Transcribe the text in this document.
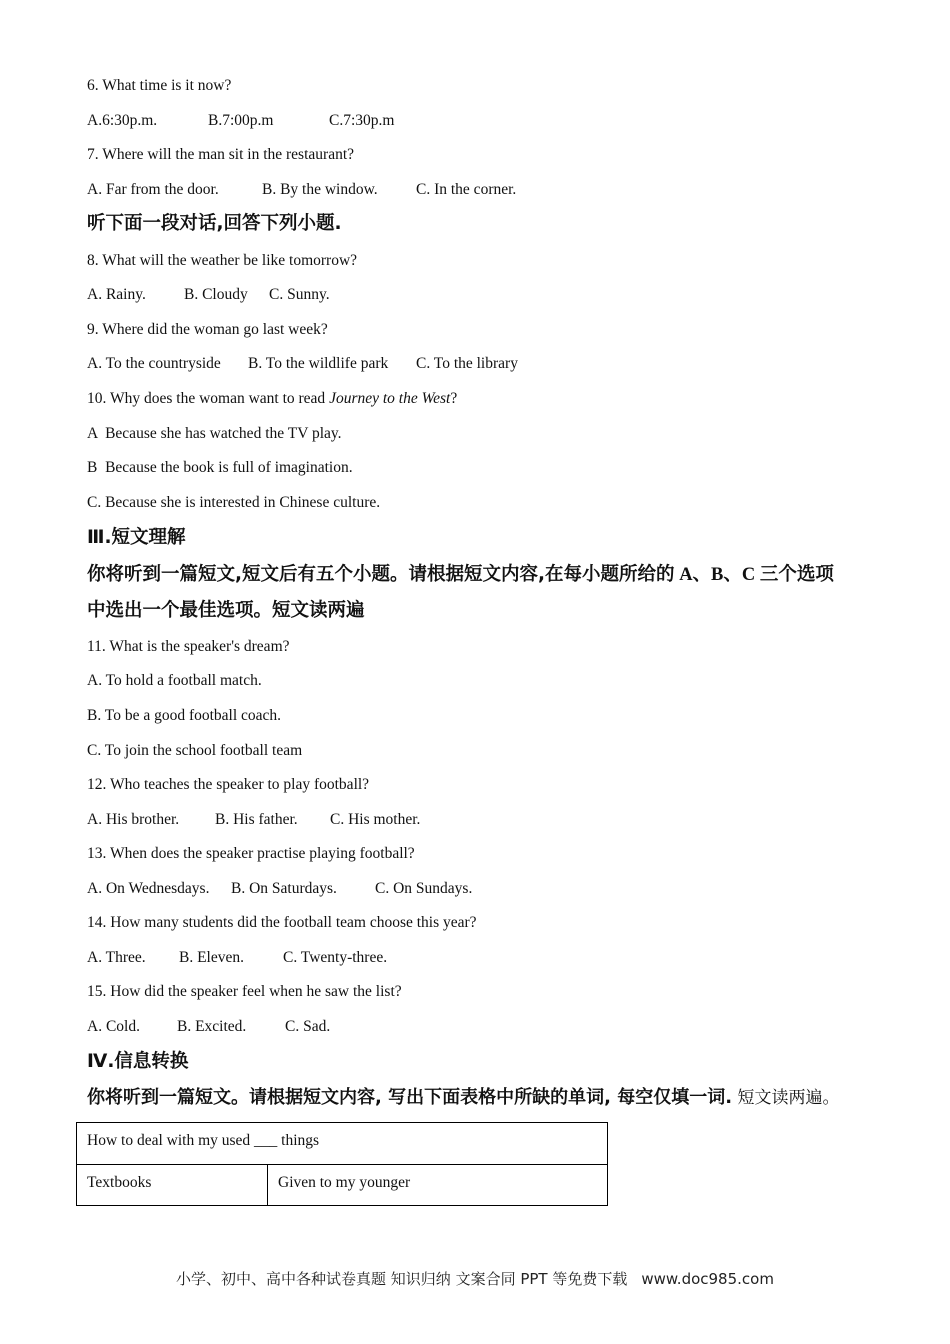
6. What time is it now?

A.6:30p.m.	B.7:00p.m	C.7:30p.m

7. Where will the man sit in the restaurant?

A. Far from the door.	B. By the window. C. In the corner.

听下面一段对话,回答下列小题.

8. What will the weather be like tomorrow?

A. Rainy. B. Cloudy C. Sunny.

9. Where did the woman go last week?

A. To the countryside B. To the wildlife park C. To the library

10. Why does the woman want to read Journey to the West?

A  Because she has watched the TV play.

B  Because the book is full of imagination.

C. Because she is interested in Chinese culture.

Ⅲ.短文理解

你将听到一篇短文,短文后有五个小题。请根据短文内容,在每小题所给的 A、B、C 三个选项

中选出一个最佳选项。短文读两遍

11. What is the speaker's dream?

A. To hold a football match.

B. To be a good football coach.

C. To join the school football team

12. Who teaches the speaker to play football?

A. His brother. B. His father. C. His mother.

13. When does the speaker practise playing football?

A. On Wednesdays. B. On Saturdays. C. On Sundays.

14. How many students did the football team choose this year?

A. Three. B. Eleven.	C. Twenty-three.

15. How did the speaker feel when he saw the list?

A. Cold. B. Excited. C. Sad.

Ⅳ.信息转换

你将听到一篇短文。请根据短文内容, 写出下面表格中所缺的单词, 每空仅填一词. 短文读两遍。

How to deal with my used ___ things
Textbooks	Given to my younger
小学、初中、高中各种试卷真题 知识归纳 文案合同 PPT 等免费下载 www.doc985.com
